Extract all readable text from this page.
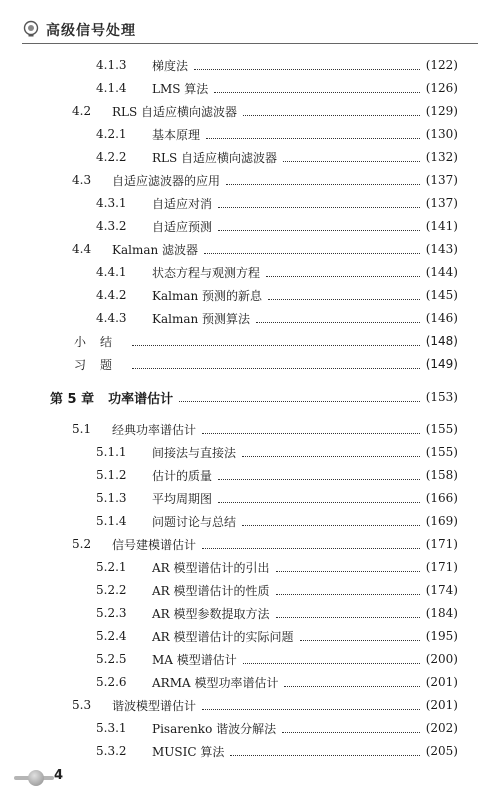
高级信号处理
4.1.3	梯度法	(122)
4.1.4	LMS 算法	(126)
4.2	RLS 自适应横向滤波器	(129)
4.2.1	基本原理	(130)
4.2.2	RLS 自适应横向滤波器	(132)
4.3	自适应滤波器的应用	(137)
4.3.1	自适应对消	(137)
4.3.2	自适应预测	(141)
4.4	Kalman 滤波器	(143)
4.4.1	状态方程与观测方程	(144)
4.4.2	Kalman 预测的新息	(145)
4.4.3	Kalman 预测算法	(146)
小结	(148)
习题	(149)
第 5 章 功率谱估计	(153)
5.1	经典功率谱估计	(155)
5.1.1	间接法与直接法	(155)
5.1.2	估计的质量	(158)
5.1.3	平均周期图	(166)
5.1.4	问题讨论与总结	(169)
5.2	信号建模谱估计	(171)
5.2.1	AR 模型谱估计的引出	(171)
5.2.2	AR 模型谱估计的性质	(174)
5.2.3	AR 模型参数提取方法	(184)
5.2.4	AR 模型谱估计的实际问题	(195)
5.2.5	MA 模型谱估计	(200)
5.2.6	ARMA 模型功率谱估计	(201)
5.3	谐波模型谱估计	(201)
5.3.1	Pisarenko 谐波分解法	(202)
5.3.2	MUSIC 算法	(205)
4
